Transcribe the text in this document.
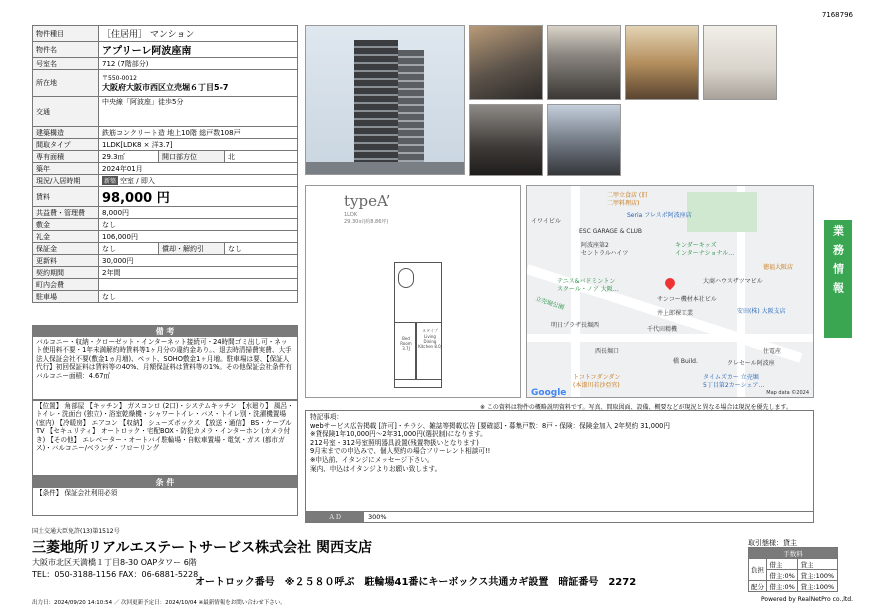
7168796
物件種目	［住居用］ マンション		
物件名	アプリーレ阿波座南		
号室名	712 (7階部分)		
所在地	〒550-0012
大阪府大阪市西区立売堀６丁目5-7		

交通	中央線「阿波座」徒歩5分		
建築構造	鉄筋コンクリート造 地上10階 総戸数108戸		
間取タイプ	1LDK[LDK8 × 洋3.7]		
専有面積	29.3㎡	開口部方位	北
築年	2024年01月		
現況/入居時期	新築 空室 / 即入		
賃料	98,000 円		
共益費・管理費	8,000円		
敷金	なし		
礼金	106,000円		
保証金	なし	償却・解約引	なし
更新料	30,000円		
契約期間	2年間		
町内会費			
駐車場	なし		
備 考
バルコニー・収納・クローゼット・インターネット接続可・24時間ゴミ出し可・ネット使用料不要・1年未満解約時賃料等1ヶ月分の違約金あり。、退去時清掃費実費、大手法人保証会社不要(敷金1ヵ月増)、ペット、SOHO敷金1ヶ月増。駐車場は要、【保証人代行】初回保証料は賃料等の40%、月額保証料は賃料等の1%。その他保証会社条件有バルコニー面積：4.67㎡
【位置】 角部屋 【キッチン】 ガスコンロ (2口)・システムキッチン 【水廻り】 風呂・トイレ・洗面台 (独立)・浴室乾燥機・シャワートイレ・バス・トイレ別・洗濯機置場 (室内) 【冷暖房】 エアコン 【収納】 シューズボックス 【放送・通信】 BS・ケーブルTV 【セキュリティ】 オートロック・宅配BOX・防犯カメラ・インターホン (カメラ付き) 【その他】 エレベーター・オートバイ駐輪場・自転車置場・電気・ガス (都市ガス)・バルコニー/ベランダ・フローリング
条 件
【条件】 保証会社利用必須
typeA’
1LDK
29.30㎡(約8.86坪)
Bed Room 3.7J
Ａタイプ Living Dining Kitchen 8.0J
二甲立食店 (旧
二甲料理店)
イワイビル
Seria フレスポ阿波座店
ESC GARAGE & CLUB
キンダーキッズ
インターナショナル…
阿波座第2
セントラルハイツ
テニス&バドミントン
スクール・ノア 大阪…
サンコー機材本社ビル
井上郎裸工業
千代田精機
明日プラザ長堀西
西長堀口
橋 Build.
安田(株) 大阪支店
住電産
クレセール阿波座
トコトコダンダン
(本漆川若沙亞官)
タイムズカー 立売堀
5丁目第2カーシェア…
徳福大阪店
大商ハウスザツマビル
立売堀公園
Google	Map data ©2024
※ この資料は物件の概略説明資料です。写真、間取図面、設備、概要などが現況と異なる場合は現況を優先します。
業務情報
特記事項：
webサービス広告掲載 [許可]・チラシ、雑誌等掲載広告 [要確認]・募集戸数：8戸・保険：保険金加入 2年契約 31,000円
※貸保険1年10,000円〜2年31,000円(選択制)になります。
212号室・312号室照明器具設置(残置物扱いとなります)
9月末までの申込みで、個人契約の場合フリーレント相談可!!
※申込前、イタンジにメッセージ下さい。
案内、申込はイタンジよりお願い致します。
ＡＤ	300%
国土交通大臣免許(13)第1512号
三菱地所リアルエステートサービス株式会社 関西支店
大阪市北区天満橋１丁目8-30 OAPタワー 6階
TEL：050-3188-1156 FAX：06-6881-5228
オートロック番号　※２５８０呼ぶ　駐輪場41番にキーボックス共通カギ設置　暗証番号　2272
出力日：2024/09/20 14:10:54 ／ 次回更新予定日：2024/10/04 ※最新情報をお問い合わせ下さい。	Powered by RealNetPro co.,ltd.
取引態様：貸主
手数料		
負担	借主	貸主
	借主:0%	貸主:100%
配分	借主:0%	貸主:100%
